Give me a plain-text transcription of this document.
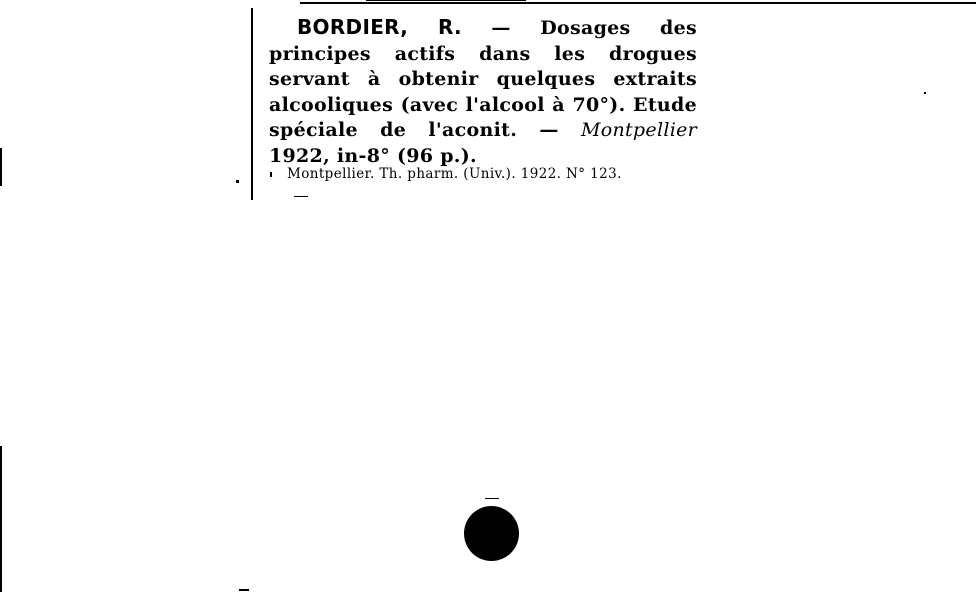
BORDIER, R. — Dosages des principes actifs dans les drogues servant à obtenir quelques extraits alcooliques (avec l'alcool à 70°). Etude spéciale de l'aconit. — Montpellier 1922, in-8° (96 p.).
Montpellier. Th. pharm. (Univ.). 1922. N° 123.
